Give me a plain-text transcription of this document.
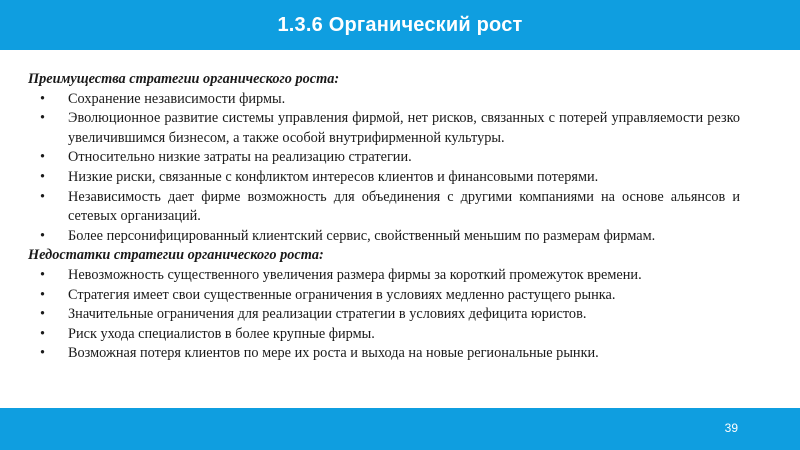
1.3.6 Органический рост

Преимущества стратегии органического роста:

•	Сохранение независимости фирмы.
•	Эволюционное развитие системы управления фирмой, нет рисков, связанных с потерей управляемости резко увеличившимся бизнесом, а также особой внутрифирменной культуры.
•	Относительно низкие затраты на реализацию стратегии.
•	Низкие риски, связанные с конфликтом интересов клиентов и финансовыми потерями.
•	Независимость дает фирме возможность для объединения с другими компаниями на основе альянсов и сетевых организаций.
•	Более персонифицированный клиентский сервис, свойственный меньшим по размерам фирмам.

Недостатки стратегии органического роста:

•	Невозможность существенного увеличения размера фирмы за короткий промежуток времени.
•	Стратегия имеет свои существенные ограничения в условиях медленно растущего рынка.
•	Значительные ограничения для реализации стратегии в условиях дефицита юристов.
•	Риск ухода специалистов в более крупные фирмы.
•	Возможная потеря клиентов по мере их роста и выхода на новые региональные рынки.
39
